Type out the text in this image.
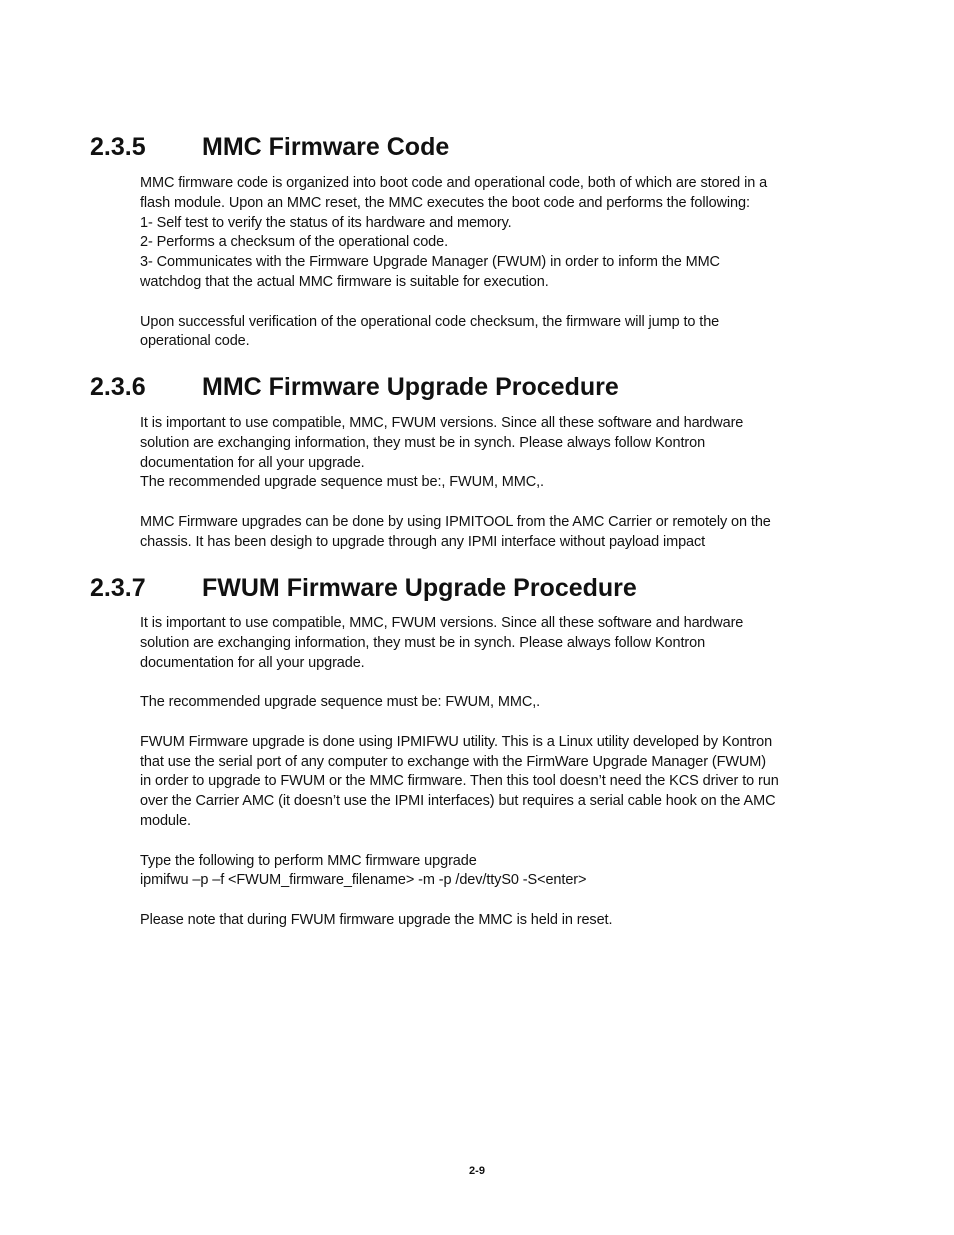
2.3.5 MMC Firmware Code
MMC firmware code is organized into boot code and operational code, both of which are stored in a
flash module. Upon an MMC reset, the MMC executes the boot code and performs the following:
1- Self test to verify the status of its hardware and memory.
2- Performs a checksum of the operational code.
3- Communicates with the Firmware Upgrade Manager (FWUM) in order to inform the MMC
watchdog that the actual MMC firmware is suitable for execution.
Upon successful verification of the operational code checksum, the firmware will jump to the
operational code.
2.3.6 MMC Firmware Upgrade Procedure
It is important to use compatible, MMC, FWUM versions. Since all these software and hardware
solution are exchanging information, they must be in synch. Please always follow Kontron
documentation for all your upgrade.
The recommended upgrade sequence must be:, FWUM, MMC,.
MMC Firmware upgrades can be done by using IPMITOOL from the AMC Carrier or remotely on the
chassis. It has been desigh to upgrade through any IPMI interface without payload impact
2.3.7 FWUM Firmware Upgrade Procedure
It is important to use compatible, MMC, FWUM versions. Since all these software and hardware
solution are exchanging information, they must be in synch. Please always follow Kontron
documentation for all your upgrade.
The recommended upgrade sequence must be: FWUM, MMC,.
FWUM Firmware upgrade is done using IPMIFWU utility. This is a Linux utility developed by Kontron
that use the serial port of any computer to exchange with the FirmWare Upgrade Manager (FWUM)
in order to upgrade to FWUM or the MMC firmware. Then this tool doesn’t need the KCS driver to run
over the Carrier AMC (it doesn’t use the IPMI interfaces) but requires a serial cable hook on the AMC
module.
Type the following to perform MMC firmware upgrade
ipmifwu –p –f <FWUM_firmware_filename> -m -p /dev/ttyS0 -S<enter>
Please note that during FWUM firmware upgrade the MMC is held in reset.
2-9
